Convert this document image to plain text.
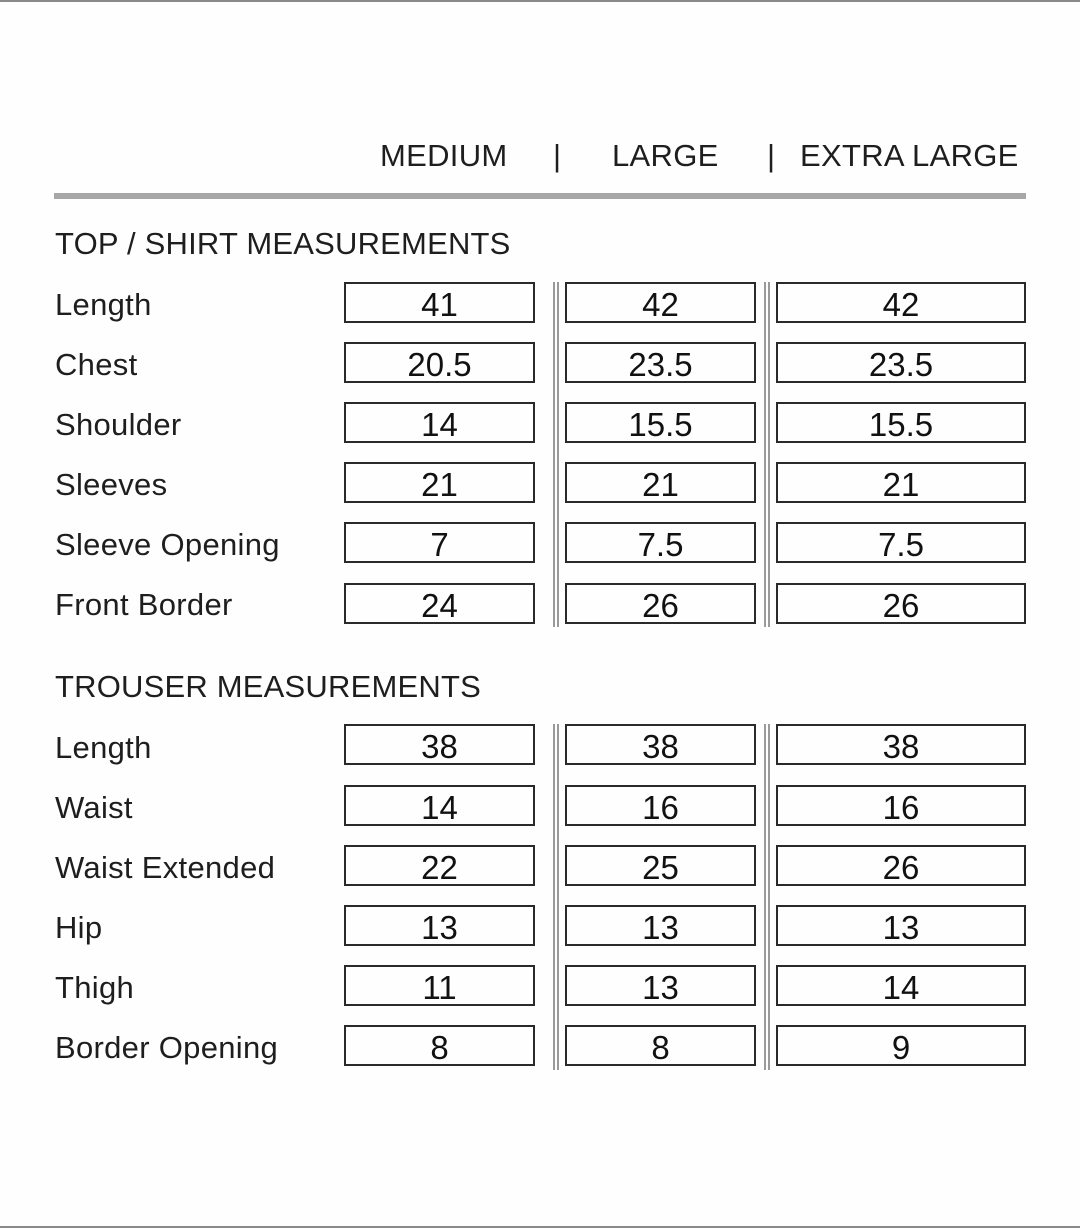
MEDIUM | LARGE | EXTRA LARGE
TOP / SHIRT MEASUREMENTS
Length	41	42	42
Chest	20.5	23.5	23.5
Shoulder	14	15.5	15.5
Sleeves	21	21	21
Sleeve Opening	7	7.5	7.5
Front Border	24	26	26
TROUSER MEASUREMENTS
Length	38	38	38
Waist	14	16	16
Waist Extended	22	25	26
Hip	13	13	13
Thigh	11	13	14
Border Opening	8	8	9
